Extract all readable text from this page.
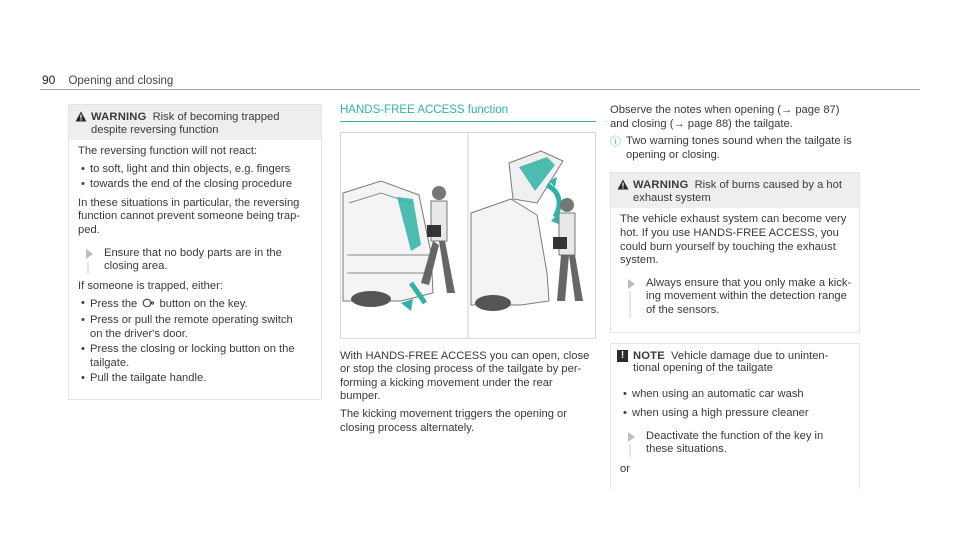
90 Opening and closing
WARNING Risk of becoming trapped
despite reversing function

The reversing function will not react:

• to soft, light and thin objects, e.g. fingers
• towards the end of the closing procedure

In these situations in particular, the reversing function cannot prevent someone being trap-ped.

Ensure that no body parts are in the
closing area.

If someone is trapped, either:

• Press the ⧂ button on the key.
• Press or pull the remote operating switch
on the driver's door.
• Press the closing or locking button on the
tailgate.
• Pull the tailgate handle.
HANDS-FREE ACCESS function

With HANDS-FREE ACCESS you can open, close

or stop the closing process of the tailgate by per-

forming a kicking movement under the rear

bumper.

The kicking movement triggers the opening or

closing process alternately.

Observe the notes when opening (→ page 87)

and closing (→ page 88) the tailgate.

ⓘ Two warning tones sound when the tailgate is
opening or closing.
WARNING Risk of burns caused by a hot
exhaust system

The vehicle exhaust system can become very

hot. If you use HANDS-FREE ACCESS, you

could burn yourself by touching the exhaust

system.

Always ensure that you only make a kick-
ing movement within the detection range
of the sensors.
! NOTE Vehicle damage due to uninten-
tional opening of the tailgate
• when using an automatic car wash
• when using a high pressure cleaner
Deactivate the function of the key in
these situations.

or
